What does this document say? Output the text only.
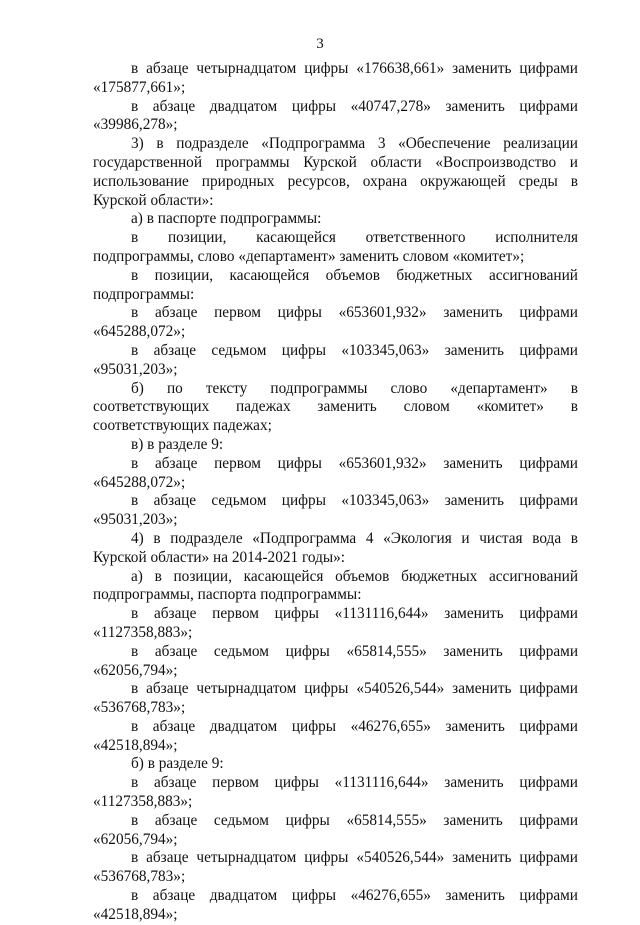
3

в абзаце четырнадцатом цифры «176638,661» заменить цифрами «175877,661»;

в абзаце двадцатом цифры «40747,278» заменить цифрами «39986,278»;

3) в подразделе «Подпрограмма 3 «Обеспечение реализации государственной программы Курской области «Воспроизводство и использование природных ресурсов, охрана окружающей среды в Курской области»:

а) в паспорте подпрограммы:

в позиции, касающейся ответственного исполнителя подпрограммы, слово «департамент» заменить словом «комитет»;

в позиции, касающейся объемов бюджетных ассигнований подпрограммы:

в абзаце первом цифры «653601,932» заменить цифрами «645288,072»;

в абзаце седьмом цифры «103345,063» заменить цифрами «95031,203»;

б) по тексту подпрограммы слово «департамент» в соответствующих падежах заменить словом «комитет» в соответствующих падежах;

в) в разделе 9:

в абзаце первом цифры «653601,932» заменить цифрами «645288,072»;

в абзаце седьмом цифры «103345,063» заменить цифрами «95031,203»;

4) в подразделе «Подпрограмма 4 «Экология и чистая вода в Курской области» на 2014-2021 годы»:

а) в позиции, касающейся объемов бюджетных ассигнований подпрограммы, паспорта подпрограммы:

в абзаце первом цифры «1131116,644» заменить цифрами «1127358,883»;

в абзаце седьмом цифры «65814,555» заменить цифрами «62056,794»;

в абзаце четырнадцатом цифры «540526,544» заменить цифрами «536768,783»;

в абзаце двадцатом цифры «46276,655» заменить цифрами «42518,894»;

б) в разделе 9:

в абзаце первом цифры «1131116,644» заменить цифрами «1127358,883»;

в абзаце седьмом цифры «65814,555» заменить цифрами «62056,794»;

в абзаце четырнадцатом цифры «540526,544» заменить цифрами «536768,783»;

в абзаце двадцатом цифры «46276,655» заменить цифрами «42518,894»;
